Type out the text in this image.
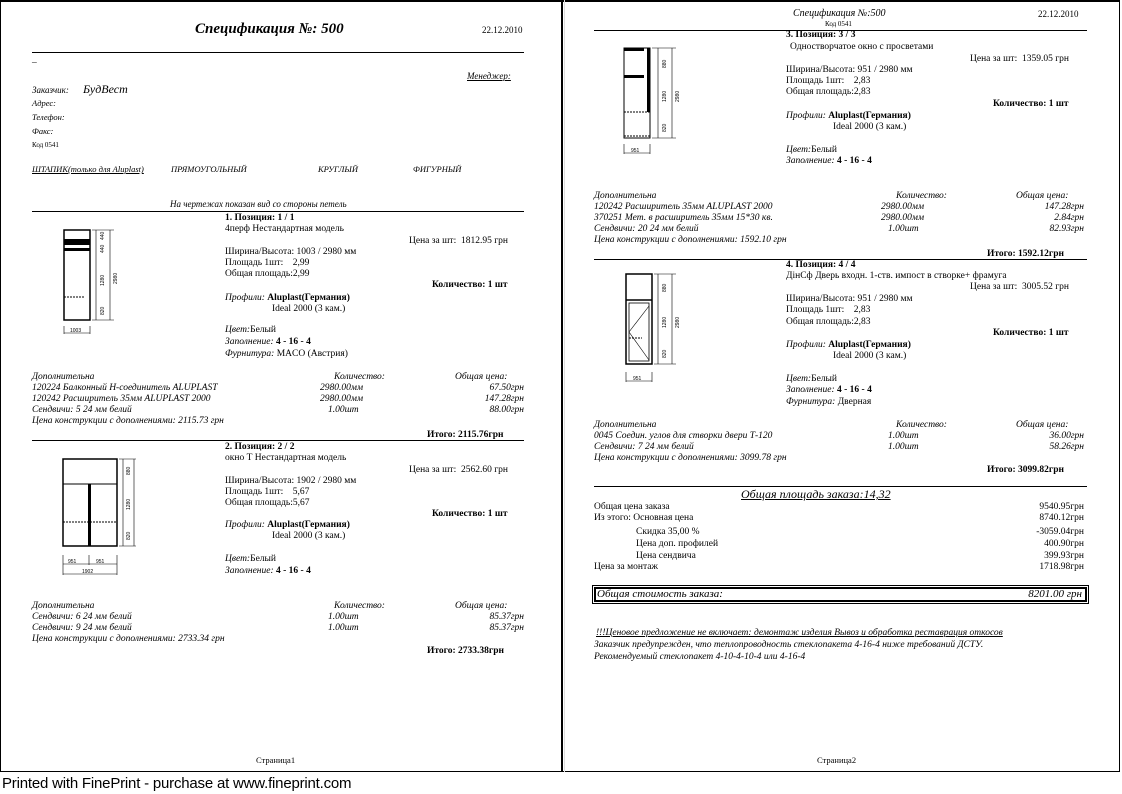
Спецификация №: 500	22.12.2010
–
Менеджер:
Заказчик: БудВест
Адрес:
Телефон:
Факс:
Код 0541
ШТАПИК(только для Aluplast)	ПРЯМОУГОЛЬНЫЙ	КРУГЛЫЙ	ФИГУРНЫЙ
На чертежах показан вид со стороны петель
440
440
1280
820
2980
1003
1. Позиция: 1 / 1
4перф Нестандартная модель
Цена за шт: 1812.95 грн
Ширина/Высота: 1003 / 2980 мм
Площадь 1шт: 2,99
Общая площадь:2,99
Количество: 1 шт
Профили: Aluplast(Германия)
Ideal 2000 (3 кам.)
Цвет:Белый
Заполнение: 4 - 16 - 4
Фурнитура: MACO (Австрия)
Дополнительна	Количество:	Общая цена:
120224 Балконный Н-соединитель ALUPLAST	2980.00мм	67.50грн
120242 Расширитель 35мм ALUPLAST 2000	2980.00мм	147.28грн
Сендвичи: 5 24 мм белий	1.00шт	88.00грн
Цена конструкции с дополнениями: 2115.73 грн
Итого: 2115.76грн
880
1280
820
951	951
1902
2. Позиция: 2 / 2
окно Т Нестандартная модель
Цена за шт: 2562.60 грн
Ширина/Высота: 1902 / 2980 мм
Площадь 1шт: 5,67
Общая площадь:5,67
Количество: 1 шт
Профили: Aluplast(Германия)
Ideal 2000 (3 кам.)
Цвет:Белый
Заполнение: 4 - 16 - 4
Дополнительна	Количество:	Общая цена:
Сендвичи: 6 24 мм белий	1.00шт	85.37грн
Сендвичи: 9 24 мм белий	1.00шт	85.37грн
Цена конструкции с дополнениями: 2733.34 грн
Итого: 2733.38грн
Страница1
Спецификация №:500
Код 0541
22.12.2010
880
1280
820
2980
951
3. Позиция: 3 / 3
Одностворчатое окно с просветами
Цена за шт: 1359.05 грн
Ширина/Высота: 951 / 2980 мм
Площадь 1шт: 2,83
Общая площадь:2,83
Количество: 1 шт
Профили: Aluplast(Германия)
Ideal 2000 (3 кам.)
Цвет:Белый
Заполнение: 4 - 16 - 4
Дополнительна	Количество:	Общая цена:
120242 Расширитель 35мм ALUPLAST 2000	2980.00мм	147.28грн
370251 Мет. в расширитель 35мм 15*30 кв.	2980.00мм	2.84грн
Сендвичи: 20 24 мм белий	1.00шт	82.93грн
Цена конструкции с дополнениями: 1592.10 грн
Итого: 1592.12грн
880
1280
820
2980
951
4. Позиция: 4 / 4
ДінСф Дверь входн. 1-ств. импост в створке+ фрамуга
Цена за шт: 3005.52 грн
Ширина/Высота: 951 / 2980 мм
Площадь 1шт: 2,83
Общая площадь:2,83
Количество: 1 шт
Профили: Aluplast(Германия)
Ideal 2000 (3 кам.)
Цвет:Белый
Заполнение: 4 - 16 - 4
Фурнитура: Дверная
Дополнительна	Количество:	Общая цена:
0045 Соедин. углов для створки двери Т-120	1.00шт	36.00грн
Сендвичи: 7 24 мм белий	1.00шт	58.26грн
Цена конструкции с дополнениями: 3099.78 грн
Итого: 3099.82грн
Общая площадь заказа:14,32
Общая цена заказа	9540.95грн
Из этого: Основная цена	8740.12грн
Скидка 35,00 %	-3059.04грн
Цена доп. профилей	400.90грн
Цена сендвича	399.93грн
Цена за монтаж	1718.98грн
Общая стоимость заказа:	8201.00 грн
!!!Ценовое предложение не включает: демонтаж изделия Вывоз и обработка реставрация откосов
Заказчик предупрежден, что теплопроводность стеклопакета 4-16-4 ниже требований ДСТУ.
Рекомендуемый стеклопакет 4-10-4-10-4 или 4-16-4
Страница2
Printed with FinePrint - purchase at www.fineprint.com
